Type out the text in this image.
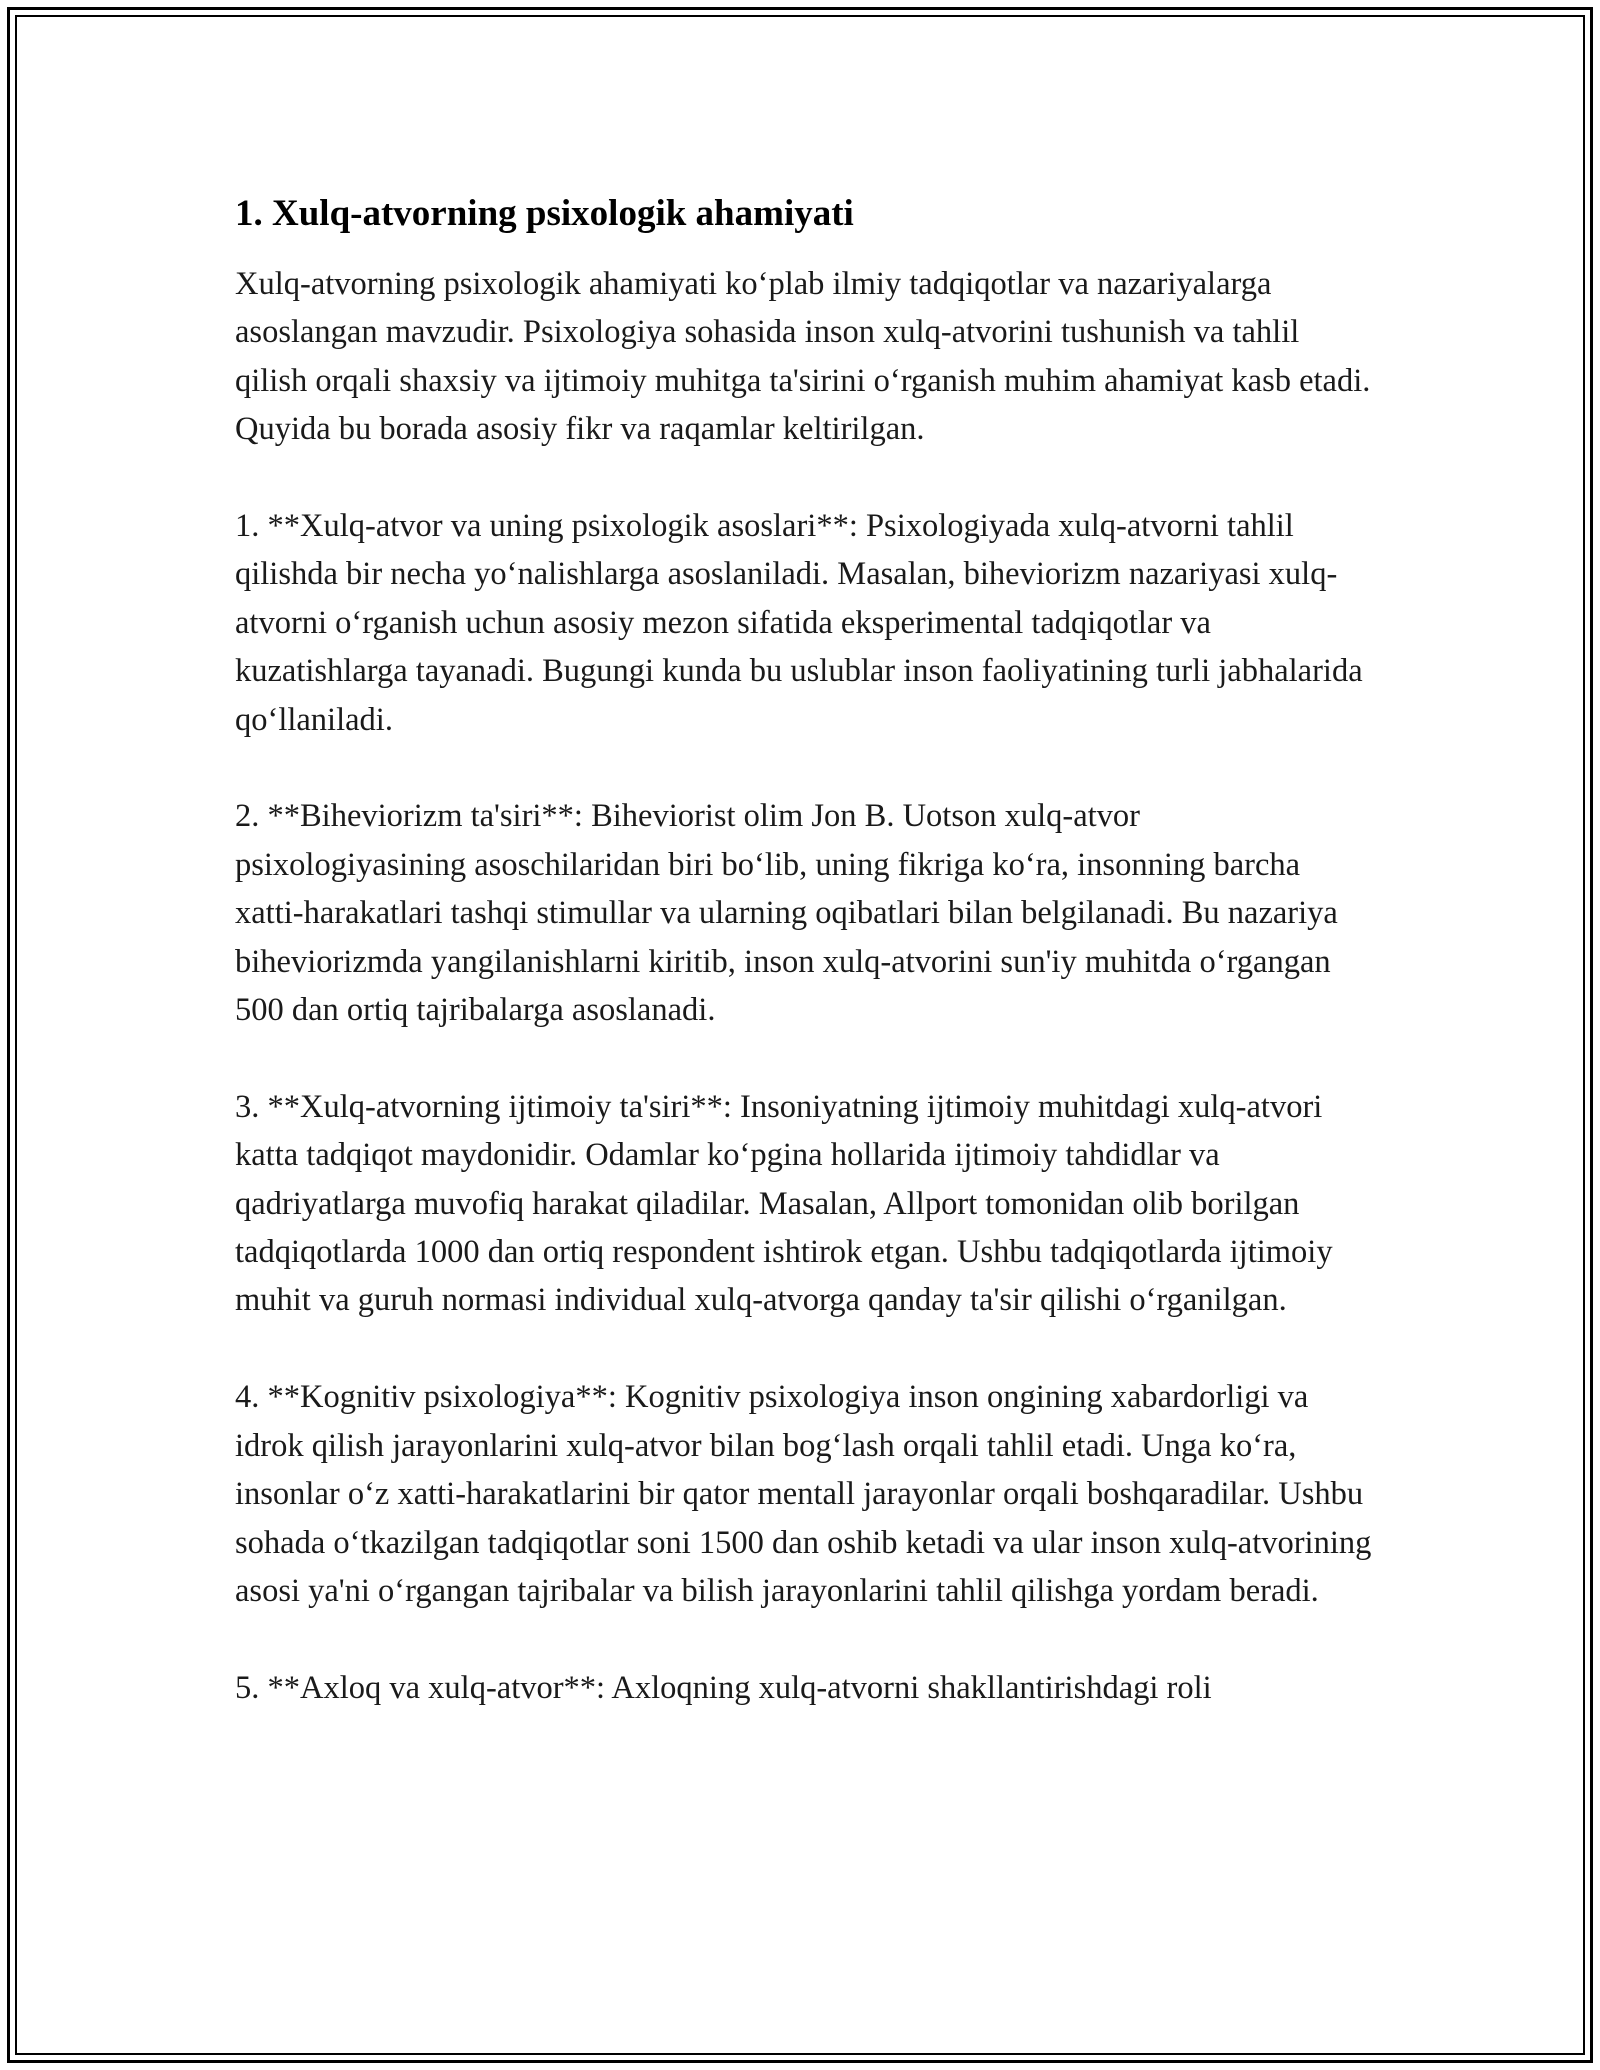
1. Xulq-atvorning psixologik ahamiyati

Xulq-atvorning psixologik ahamiyati ko‘plab ilmiy tadqiqotlar va nazariyalarga asoslangan mavzudir. Psixologiya sohasida inson xulq-atvorini tushunish va tahlil qilish orqali shaxsiy va ijtimoiy muhitga ta'sirini o‘rganish muhim ahamiyat kasb etadi. Quyida bu borada asosiy fikr va raqamlar keltirilgan.

1. **Xulq-atvor va uning psixologik asoslari**: Psixologiyada xulq-atvorni tahlil qilishda bir necha yo‘nalishlarga asoslaniladi. Masalan, biheviorizm nazariyasi xulq-atvorni o‘rganish uchun asosiy mezon sifatida eksperimental tadqiqotlar va kuzatishlarga tayanadi. Bugungi kunda bu uslublar inson faoliyatining turli jabhalarida qo‘llaniladi.

2. **Biheviorizm ta'siri**: Biheviorist olim Jon B. Uotson xulq-atvor psixologiyasining asoschilaridan biri bo‘lib, uning fikriga ko‘ra, insonning barcha xatti-harakatlari tashqi stimullar va ularning oqibatlari bilan belgilanadi. Bu nazariya biheviorizmda yangilanishlarni kiritib, inson xulq-atvorini sun'iy muhitda o‘rgangan 500 dan ortiq tajribalarga asoslanadi.

3. **Xulq-atvorning ijtimoiy ta'siri**: Insoniyatning ijtimoiy muhitdagi xulq-atvori katta tadqiqot maydonidir. Odamlar ko‘pgina hollarida ijtimoiy tahdidlar va qadriyatlarga muvofiq harakat qiladilar. Masalan, Allport tomonidan olib borilgan tadqiqotlarda 1000 dan ortiq respondent ishtirok etgan. Ushbu tadqiqotlarda ijtimoiy muhit va guruh normasi individual xulq-atvorga qanday ta'sir qilishi o‘rganilgan.

4. **Kognitiv psixologiya**: Kognitiv psixologiya inson ongining xabardorligi va idrok qilish jarayonlarini xulq-atvor bilan bog‘lash orqali tahlil etadi. Unga ko‘ra, insonlar o‘z xatti-harakatlarini bir qator mentall jarayonlar orqali boshqaradilar. Ushbu sohada o‘tkazilgan tadqiqotlar soni 1500 dan oshib ketadi va ular inson xulq-atvorining asosi ya'ni o‘rgangan tajribalar va bilish jarayonlarini tahlil qilishga yordam beradi.

5. **Axloq va xulq-atvor**: Axloqning xulq-atvorni shakllantirishdagi roli
